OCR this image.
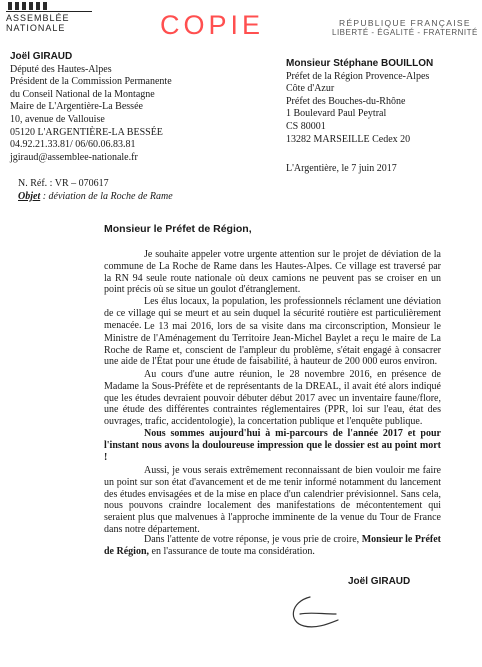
ASSEMBLÉE
NATIONALE	COPIE	RÉPUBLIQUE FRANÇAISE
LIBERTÉ - ÉGALITÉ - FRATERNITÉ
Joël GIRAUD
Député des Hautes-Alpes
Président de la Commission Permanente
du Conseil National de la Montagne
Maire de L'Argentière-La Bessée
10, avenue de Vallouise
05120 L'ARGENTIÈRE-LA BESSÉE
04.92.21.33.81/ 06/60.06.83.81
jgiraud@assemblee-nationale.fr
Monsieur Stéphane BOUILLON
Préfet de la Région Provence-Alpes
Côte d'Azur
Préfet des Bouches-du-Rhône
1 Boulevard Paul Peytral
CS 80001
13282 MARSEILLE Cedex 20
L'Argentière, le 7 juin 2017
N. Réf. : VR – 070617
Objet : déviation de la Roche de Rame
Monsieur le Préfet de Région,

Je souhaite appeler votre urgente attention sur le projet de déviation de la commune de La Roche de Rame dans les Hautes-Alpes. Ce village est traversé par la RN 94 seule route nationale où deux camions ne peuvent pas se croiser en un point précis où se situe un goulot d'étranglement.

Les élus locaux, la population, les professionnels réclament une déviation de ce village qui se meurt et au sein duquel la sécurité routière est particulièrement menacée. Le 13 mai 2016, lors de sa visite dans ma circonscription, Monsieur le Ministre de l'Aménagement du Territoire Jean-Michel Baylet a reçu le maire de La Roche de Rame et, conscient de l'ampleur du problème, s'était engagé à consacrer une aide de l'État pour une étude de faisabilité, à hauteur de 200 000 euros environ.

Au cours d'une autre réunion, le 28 novembre 2016, en présence de Madame la Sous-Préfète et de représentants de la DREAL, il avait été alors indiqué que les études devraient pouvoir débuter début 2017 avec un inventaire faune/flore, une étude des différentes contraintes réglementaires (PPR, loi sur l'eau, état des ouvrages, trafic, accidentologie), la concertation publique et l'enquête publique.

Nous sommes aujourd'hui à mi-parcours de l'année 2017 et pour l'instant nous avons la douloureuse impression que le dossier est au point mort !

Aussi, je vous serais extrêmement reconnaissant de bien vouloir me faire un point sur son état d'avancement et de me tenir informé notamment du lancement des études envisagées et de la mise en place d'un calendrier prévisionnel. Sans cela, nous pouvons craindre localement des manifestations de mécontentement qui seraient plus que malvenues à l'approche imminente de la venue du Tour de France dans notre département.

Dans l'attente de votre réponse, je vous prie de croire, Monsieur le Préfet de Région, en l'assurance de toute ma considération.

Joël GIRAUD
